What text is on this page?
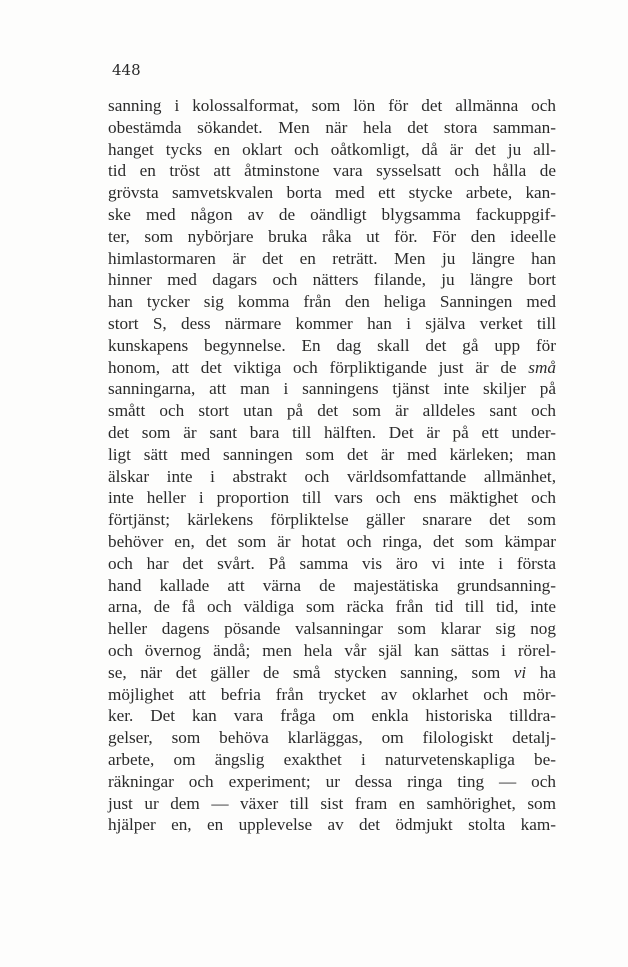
448
sanning i kolossalformat, som lön för det allmänna och
obestämda sökandet. Men när hela det stora samman-
hanget tycks en oklart och oåtkomligt, då är det ju all-
tid en tröst att åtminstone vara sysselsatt och hålla de
grövsta samvetskvalen borta med ett stycke arbete, kan-
ske med någon av de oändligt blygsamma fackuppgif-
ter, som nybörjare bruka råka ut för. För den ideelle
himlastormaren är det en reträtt. Men ju längre han
hinner med dagars och nätters filande, ju längre bort
han tycker sig komma från den heliga Sanningen med
stort S, dess närmare kommer han i själva verket till
kunskapens begynnelse. En dag skall det gå upp för
honom, att det viktiga och förpliktigande just är de små
sanningarna, att man i sanningens tjänst inte skiljer på
smått och stort utan på det som är alldeles sant och
det som är sant bara till hälften. Det är på ett under-
ligt sätt med sanningen som det är med kärleken; man
älskar inte i abstrakt och världsomfattande allmänhet,
inte heller i proportion till vars och ens mäktighet och
förtjänst; kärlekens förpliktelse gäller snarare det som
behöver en, det som är hotat och ringa, det som kämpar
och har det svårt. På samma vis äro vi inte i första
hand kallade att värna de majestätiska grundsanning-
arna, de få och väldiga som räcka från tid till tid, inte
heller dagens pösande valsanningar som klarar sig nog
och övernog ändå; men hela vår själ kan sättas i rörel-
se, när det gäller de små stycken sanning, som vi ha
möjlighet att befria från trycket av oklarhet och mör-
ker. Det kan vara fråga om enkla historiska tilldra-
gelser, som behöva klarläggas, om filologiskt detalj-
arbete, om ängslig exakthet i naturvetenskapliga be-
räkningar och experiment; ur dessa ringa ting — och
just ur dem — växer till sist fram en samhörighet, som
hjälper en, en upplevelse av det ödmjukt stolta kam-
